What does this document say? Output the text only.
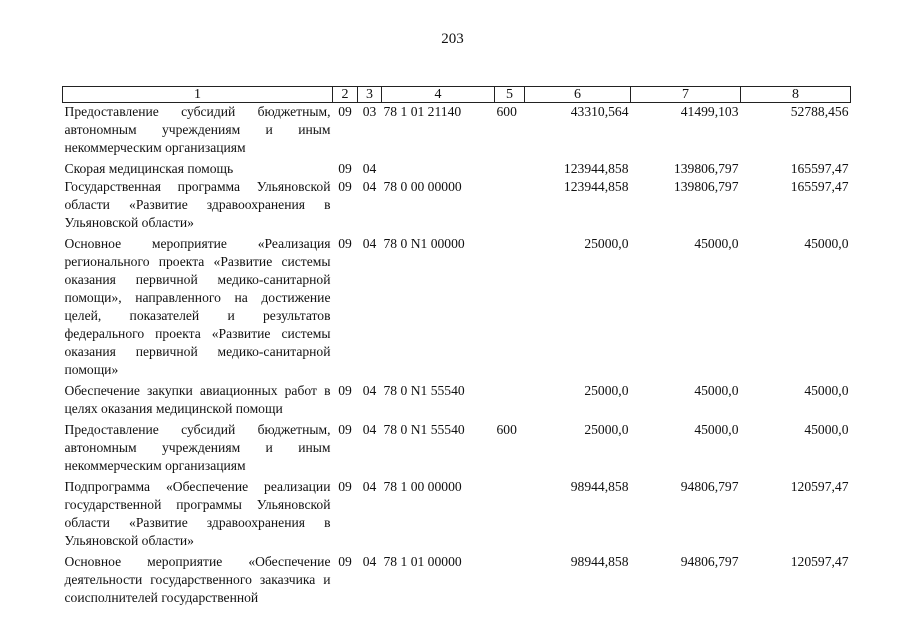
203
1	2	3	4	5	6	7	8
Предоставление субсидий бюджетным, автономным учреждениям и иным некоммерческим организациям	09	03	78 1 01 21140	600	43310,564	41499,103	52788,456
Скорая медицинская помощь	09	04			123944,858	139806,797	165597,47
Государственная программа Ульяновской области «Развитие здравоохранения в Ульяновской области»	09	04	78 0 00 00000		123944,858	139806,797	165597,47
Основное мероприятие «Реализация регионального проекта «Развитие системы оказания первичной медико-санитарной помощи», направленного на достижение целей, показателей и результатов федерального проекта «Развитие системы оказания первичной медико-санитарной помощи»	09	04	78 0 N1 00000		25000,0	45000,0	45000,0
Обеспечение закупки авиационных работ в целях оказания медицинской помощи	09	04	78 0 N1 55540		25000,0	45000,0	45000,0
Предоставление субсидий бюджетным, автономным учреждениям и иным некоммерческим организациям	09	04	78 0 N1 55540	600	25000,0	45000,0	45000,0
Подпрограмма «Обеспечение реализации государственной программы Ульяновской области «Развитие здравоохранения в Ульяновской области»	09	04	78 1 00 00000		98944,858	94806,797	120597,47
Основное мероприятие «Обеспечение деятельности государственного заказчика и соисполнителей государственной	09	04	78 1 01 00000		98944,858	94806,797	120597,47
